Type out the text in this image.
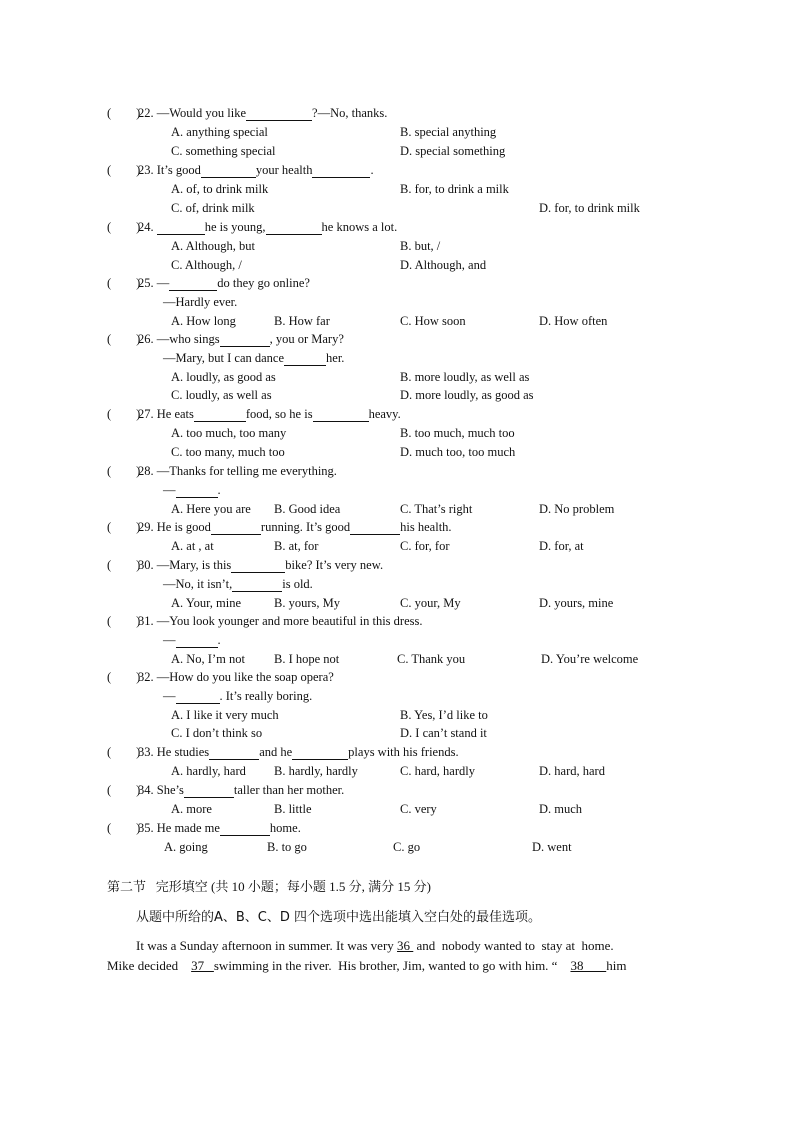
(        )
22. —Would you like	?—No, thanks.
A. anything special	B. special anything
C. something special	D. special something
(        )
23. It’s good	your health	.
A. of, to drink milk	B. for, to drink a milk
C. of, drink milk	D. for, to drink milk
(        )
24.	he is young,	he knows a lot.
A. Although, but	B. but, /
C. Although, /	D. Although, and
(        )
25. —	do they go online?
—Hardly ever.
A. How long	B. How far	C. How soon	D. How often
(        )
26. —who sings	, you or Mary?
—Mary, but I can dance	her.
A. loudly, as good as	B. more loudly, as well as
C. loudly, as well as	D. more loudly, as good as
(        )
27. He eats	food, so he is	heavy.
A. too much, too many	B. too much, much too
C. too many, much too	D. much too, too much
(        )
28. —Thanks for telling me everything.
—	.
A. Here you are B. Good idea	C. That’s right	D. No problem
(        )
29. He is good	running. It’s good	his health.
A. at , at	B. at, for	C. for, for	D. for, at
(        )
30. —Mary, is this	bike? It’s very new.
—No, it isn’t,	is old.
A. Your, mine	B. yours, My	C. your, My	D. yours, mine
(        )
31. —You look younger and more beautiful in this dress.
—	.
A. No, I’m not B. I hope not	C. Thank you	D. You’re welcome
(        )
32. —How do you like the soap opera?
—	. It’s really boring.
A. I like it very much	B. Yes, I’d like to
C. I don’t think so	D. I can’t stand it
(        )
33. He studies	and he	plays with his friends.
A. hardly, hard B. hardly, hardly	C. hard, hardly	D. hard, hard
(        )
34. She’s	taller than her mother.
A. more	B. little	C. very	D. much
(        )
35. He made me	home.
A. going	B. to go	C. go	D. went
第二节   完形填空 (共 10 小题；每小题 1.5 分, 满分 15 分)
从题中所给的A、B、C、D 四个选项中选出能填入空白处的最佳选项。
It was a Sunday afternoon in summer. It was very 36  and  nobody wanted to  stay at  home.
Mike decided    37   swimming in the river.  His brother, Jim, wanted to go with him. “    38       him
